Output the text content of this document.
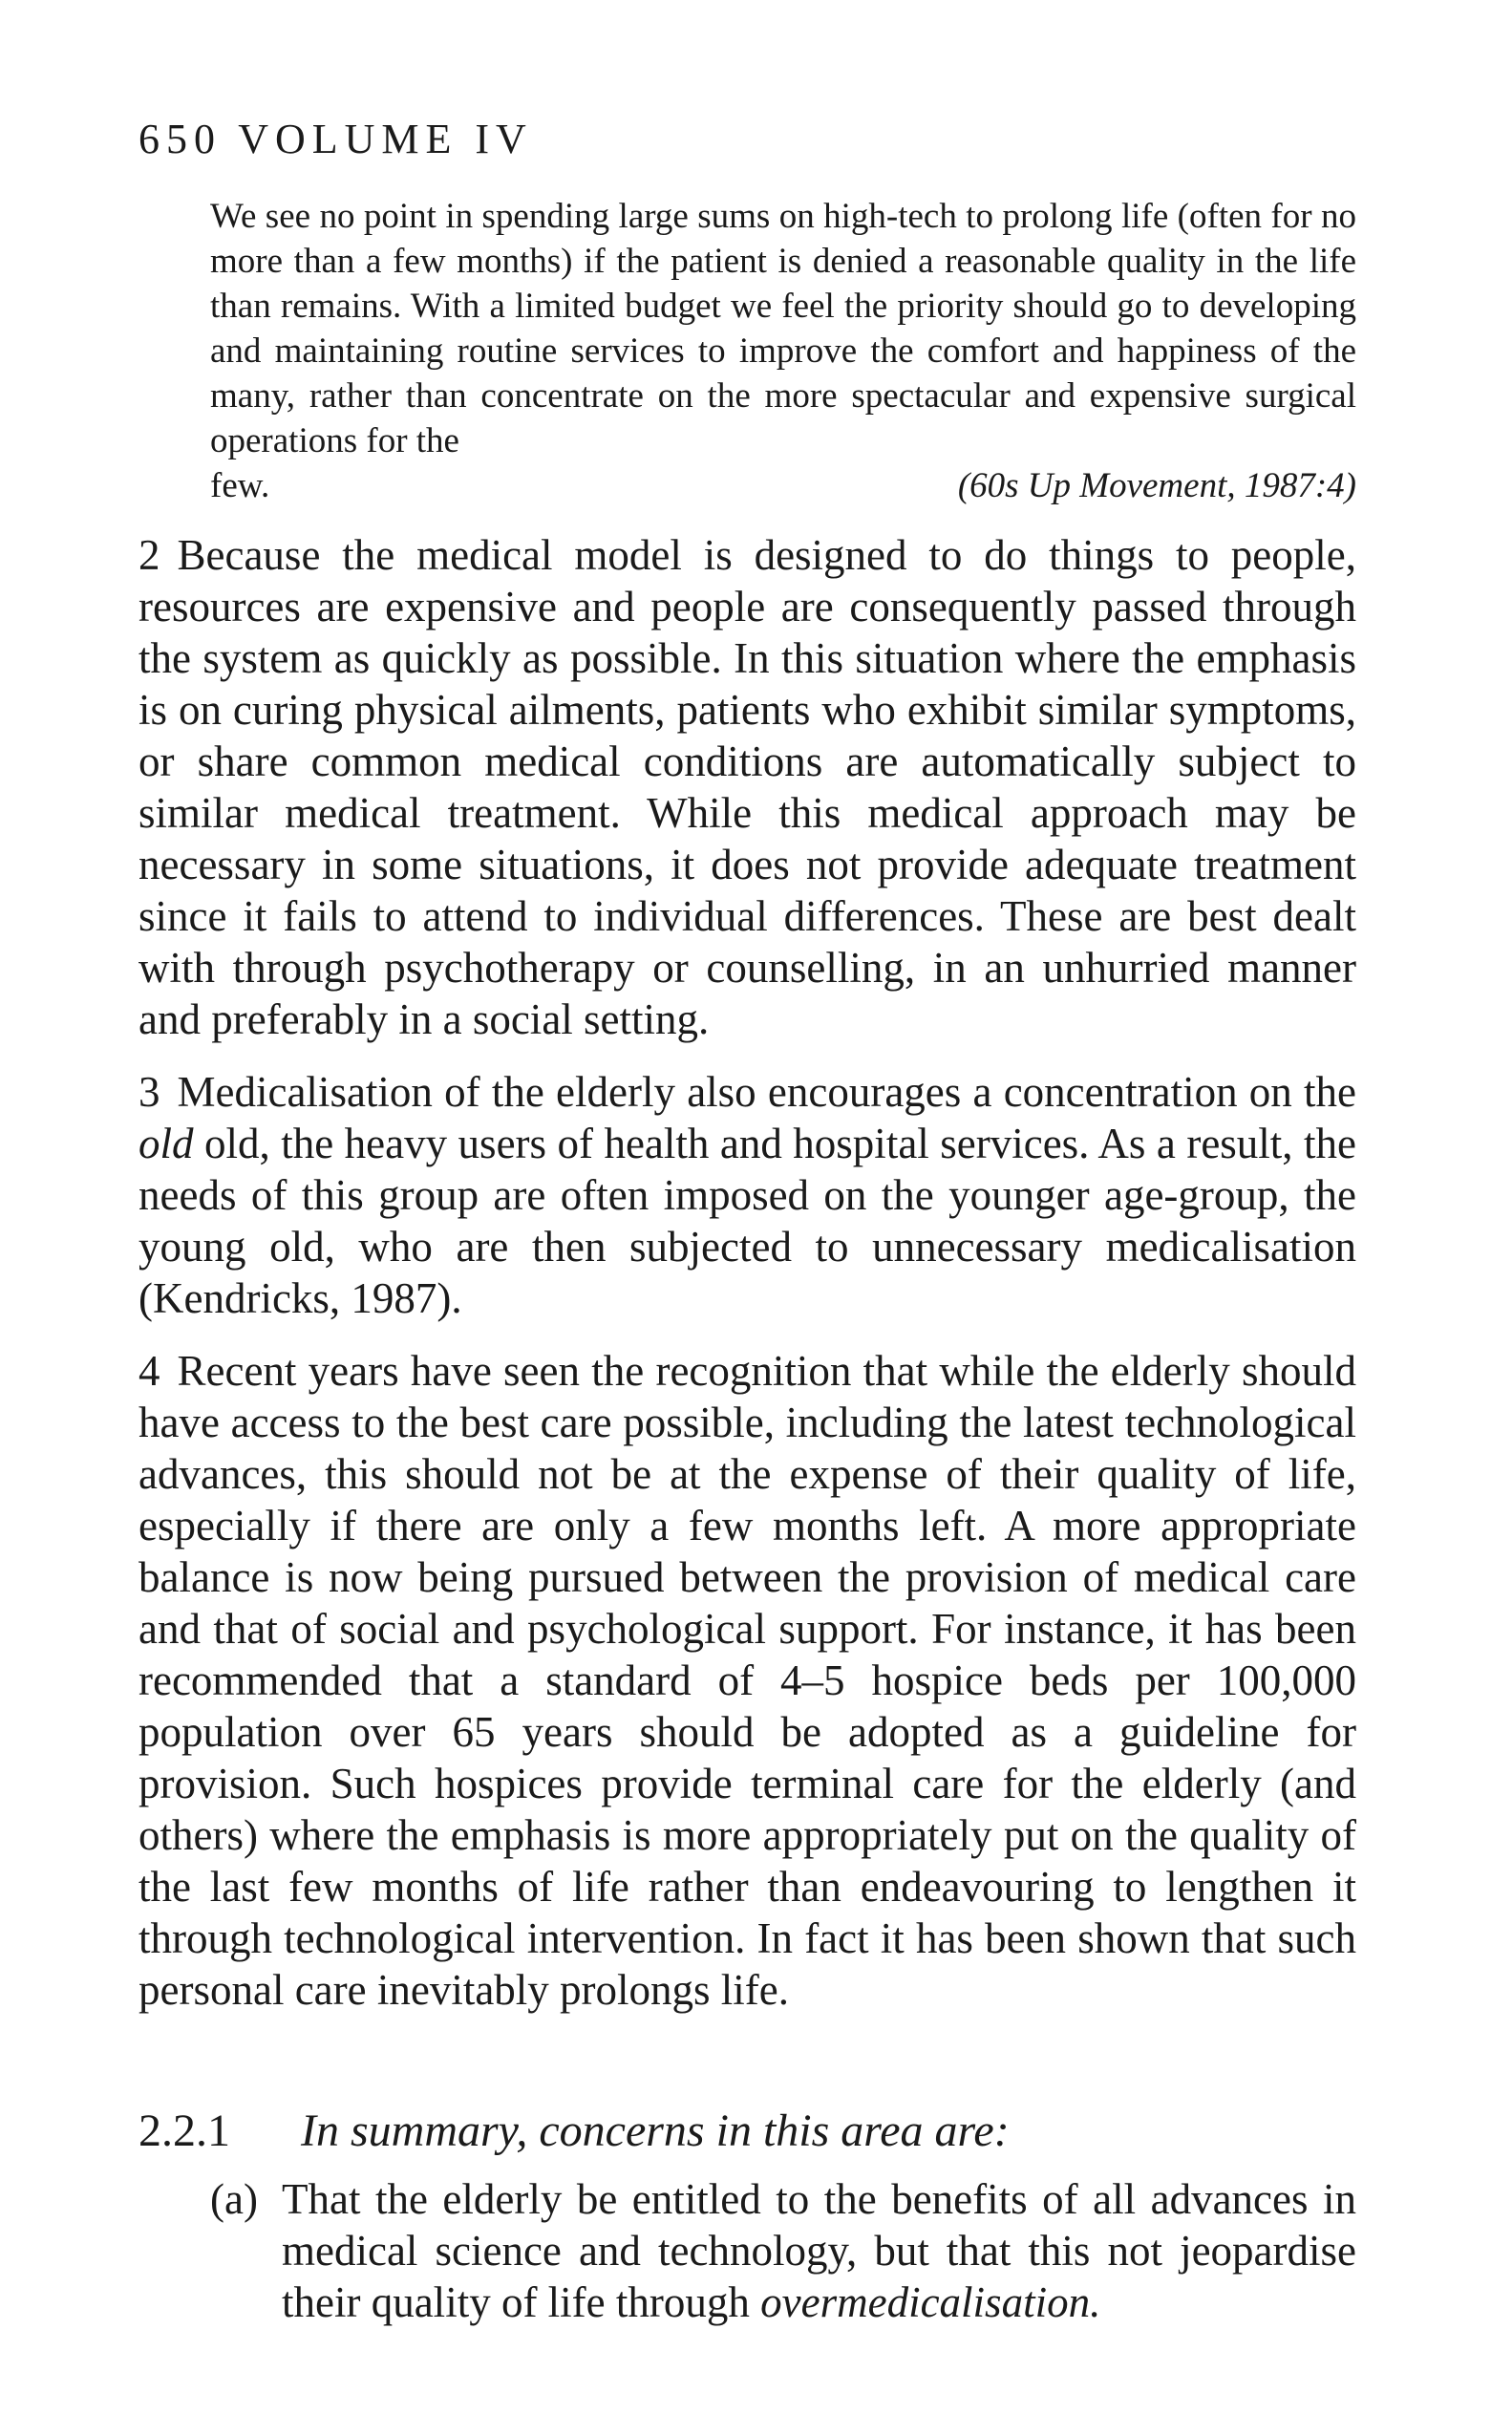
650 VOLUME IV
We see no point in spending large sums on high-tech to prolong life (often for no more than a few months) if the patient is denied a reasonable quality in the life than remains. With a limited budget we feel the priority should go to developing and maintaining routine services to improve the comfort and happiness of the many, rather than concentrate on the more spectacular and expensive surgical operations for the
few.	(60s Up Movement, 1987:4)

2 Because the medical model is designed to do things to people, resources are expensive and people are consequently passed through the system as quickly as possible. In this situation where the emphasis is on curing physical ailments, patients who exhibit similar symptoms, or share common medical conditions are automatically subject to similar medical treatment. While this medical approach may be necessary in some situations, it does not provide adequate treatment since it fails to attend to individual differences. These are best dealt with through psychotherapy or counselling, in an unhurried manner and preferably in a social setting.

3 Medicalisation of the elderly also encourages a concentration on the old old, the heavy users of health and hospital services. As a result, the needs of this group are often imposed on the younger age-group, the young old, who are then subjected to unnecessary medicalisation (Kendricks, 1987).

4 Recent years have seen the recognition that while the elderly should have access to the best care possible, including the latest technological advances, this should not be at the expense of their quality of life, especially if there are only a few months left. A more appropriate balance is now being pursued between the provision of medical care and that of social and psychological support. For instance, it has been recommended that a standard of 4–5 hospice beds per 100,000 population over 65 years should be adopted as a guideline for provision. Such hospices provide terminal care for the elderly (and others) where the emphasis is more appropriately put on the quality of the last few months of life rather than endeavouring to lengthen it through technological intervention. In fact it has been shown that such personal care inevitably prolongs life.

2.2.1	In summary, concerns in this area are:
(a) That the elderly be entitled to the benefits of all advances in medical science and technology, but that this not jeopardise their quality of life through overmedicalisation.
